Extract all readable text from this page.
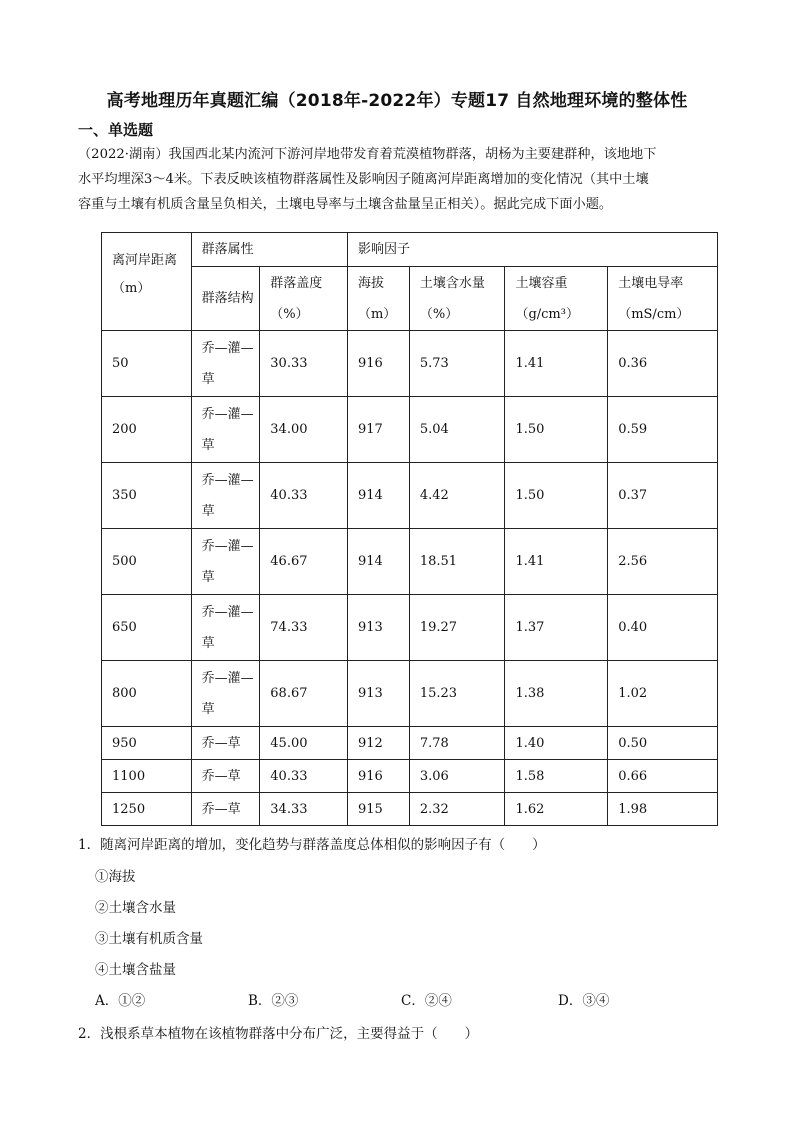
高考地理历年真题汇编（2018年-2022年）专题17 自然地理环境的整体性
一、单选题

（2022·湖南）我国西北某内流河下游河岸地带发育着荒漠植物群落，胡杨为主要建群种，该地地下

水平均埋深3～4米。下表反映该植物群落属性及影响因子随离河岸距离增加的变化情况（其中土壤

容重与土壤有机质含量呈负相关，土壤电导率与土壤含盐量呈正相关）。据此完成下面小题。

离河岸距离（m）	群落属性		影响因子			
	群落结构	群落盖度（%）	海拔（m）	土壤含水量（%）	土壤容重（g/cm³）	土壤电导率（mS/cm）
50	乔—灌—草	30.33	916	5.73	1.41	0.36
200	乔—灌—草	34.00	917	5.04	1.50	0.59
350	乔—灌—草	40.33	914	4.42	1.50	0.37
500	乔—灌—草	46.67	914	18.51	1.41	2.56
650	乔—灌—草	74.33	913	19.27	1.37	0.40
800	乔—灌—草	68.67	913	15.23	1.38	1.02
950	乔—草	45.00	912	7.78	1.40	0.50
1100	乔—草	40.33	916	3.06	1.58	0.66
1250	乔—草	34.33	915	2.32	1.62	1.98
1．随离河岸距离的增加，变化趋势与群落盖度总体相似的影响因子有（　　）
①海拔
②土壤含水量
③土壤有机质含量
④土壤含盐量
A．①②	B．②③	C．②④	D．③④
2．浅根系草本植物在该植物群落中分布广泛，主要得益于（　　）
